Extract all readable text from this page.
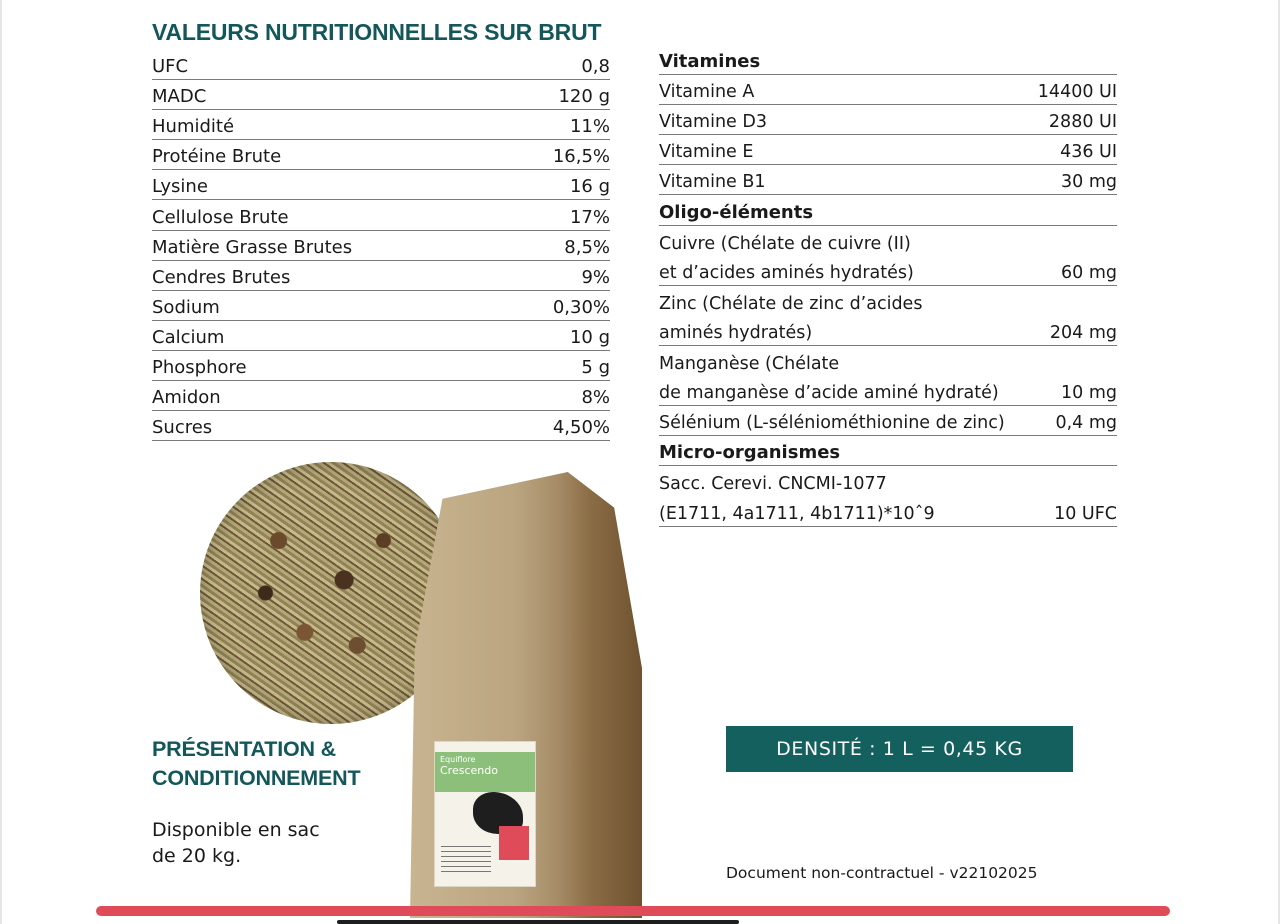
VALEURS NUTRITIONNELLES SUR BRUT
UFC	0,8
MADC	120 g
Humidité	11%
Protéine Brute	16,5%
Lysine	16 g
Cellulose Brute	17%
Matière Grasse Brutes	8,5%
Cendres Brutes	9%
Sodium	0,30%
Calcium	10 g
Phosphore	5 g
Amidon	8%
Sucres	4,50%
Vitamines
Vitamine A	14400 UI
Vitamine D3	2880 UI
Vitamine E	436 UI
Vitamine B1	30 mg
Oligo-éléments
Cuivre (Chélate de cuivre (II)
et d’acides aminés hydratés)	60 mg
Zinc (Chélate de zinc d’acides
aminés hydratés)	204 mg
Manganèse (Chélate
de manganèse d’acide aminé hydraté)	10 mg
Sélénium (L-séléniométhionine de zinc)	0,4 mg
Micro-organismes
Sacc. Cerevi. CNCMI-1077
(E1711, 4a1711, 4b1711)*10ˆ9	10 UFC
Equiflore
Crescendo
PRÉSENTATION &
CONDITIONNEMENT
Disponible en sac
de 20 kg.
DENSITÉ : 1 L = 0,45 KG
Document non-contractuel - v22102025
